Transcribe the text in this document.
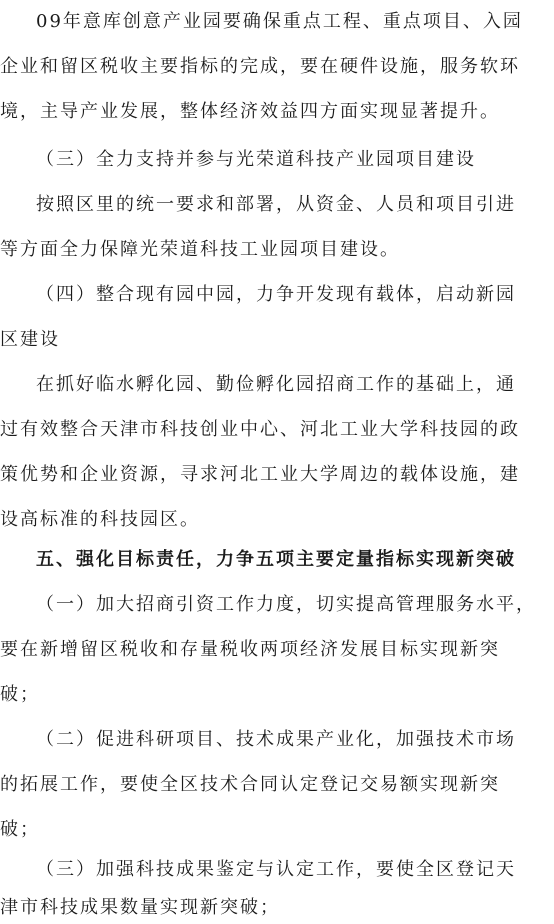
09年意库创意产业园要确保重点工程、重点项目、入园
企业和留区税收主要指标的完成，要在硬件设施，服务软环
境，主导产业发展，整体经济效益四方面实现显著提升。
（三）全力支持并参与光荣道科技产业园项目建设
按照区里的统一要求和部署，从资金、人员和项目引进
等方面全力保障光荣道科技工业园项目建设。
（四）整合现有园中园，力争开发现有载体，启动新园
区建设
在抓好临水孵化园、勤俭孵化园招商工作的基础上，通
过有效整合天津市科技创业中心、河北工业大学科技园的政
策优势和企业资源，寻求河北工业大学周边的载体设施，建
设高标准的科技园区。
五、强化目标责任，力争五项主要定量指标实现新突破
（一）加大招商引资工作力度，切实提高管理服务水平，
要在新增留区税收和存量税收两项经济发展目标实现新突
破；
（二）促进科研项目、技术成果产业化，加强技术市场
的拓展工作，要使全区技术合同认定登记交易额实现新突
破；
（三）加强科技成果鉴定与认定工作，要使全区登记天
津市科技成果数量实现新突破；
